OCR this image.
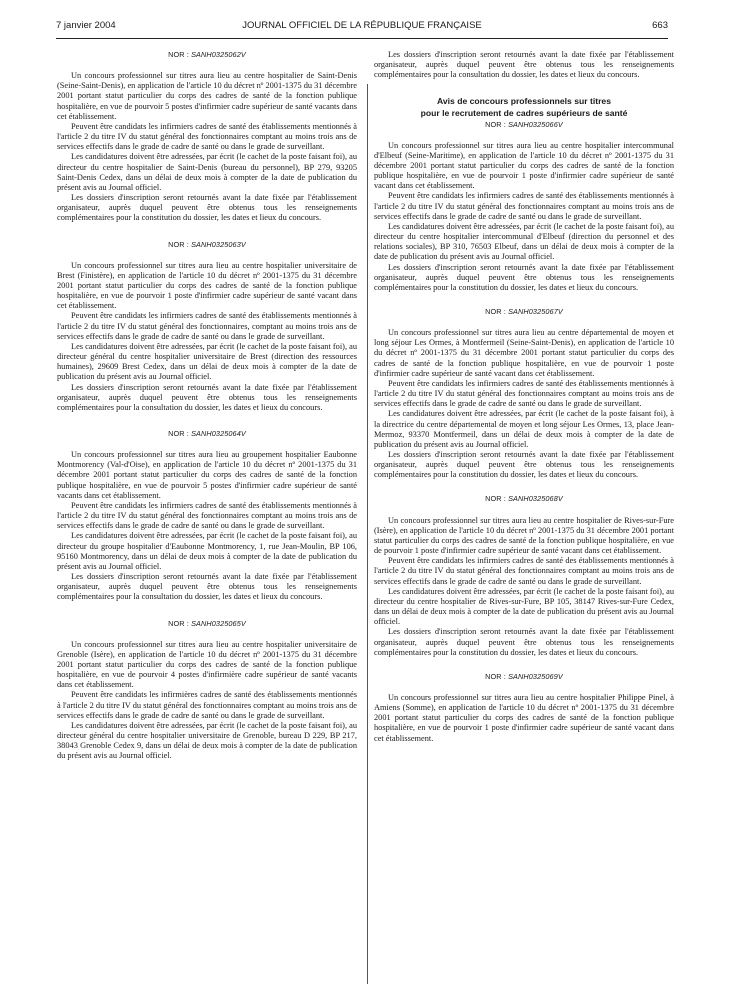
7 janvier 2004	JOURNAL OFFICIEL DE LA RÉPUBLIQUE FRANÇAISE	663
NOR : SANH0325062V

Un concours professionnel sur titres aura lieu au centre hospitalier de Saint-Denis (Seine-Saint-Denis), en application de l'article 10 du décret nº 2001-1375 du 31 décembre 2001 portant statut particulier du corps des cadres de santé de la fonction publique hospitalière, en vue de pourvoir 5 postes d'infirmier cadre supérieur de santé vacants dans cet établissement.

Peuvent être candidats les infirmiers cadres de santé des établissements mentionnés à l'article 2 du titre IV du statut général des fonctionnaires comptant au moins trois ans de services effectifs dans le grade de cadre de santé ou dans le grade de surveillant.

Les candidatures doivent être adressées, par écrit (le cachet de la poste faisant foi), au directeur du centre hospitalier de Saint-Denis (bureau du personnel), BP 279, 93205 Saint-Denis Cedex, dans un délai de deux mois à compter de la date de publication du présent avis au Journal officiel.

Les dossiers d'inscription seront retournés avant la date fixée par l'établissement organisateur, auprès duquel peuvent être obtenus tous les renseignements complémentaires pour la constitution du dossier, les dates et lieux du concours.

NOR : SANH0325063V

Un concours professionnel sur titres aura lieu au centre hospitalier universitaire de Brest (Finistère), en application de l'article 10 du décret nº 2001-1375 du 31 décembre 2001 portant statut particulier du corps des cadres de santé de la fonction publique hospitalière, en vue de pourvoir 1 poste d'infirmier cadre supérieur de santé vacant dans cet établissement.

Peuvent être candidats les infirmiers cadres de santé des établissements mentionnés à l'article 2 du titre IV du statut général des fonctionnaires, comptant au moins trois ans de services effectifs dans le grade de cadre de santé ou dans le grade de surveillant.

Les candidatures doivent être adressées, par écrit (le cachet de la poste faisant foi), au directeur général du centre hospitalier universitaire de Brest (direction des ressources humaines), 29609 Brest Cedex, dans un délai de deux mois à compter de la date de publication du présent avis au Journal officiel.

Les dossiers d'inscription seront retournés avant la date fixée par l'établissement organisateur, auprès duquel peuvent être obtenus tous les renseignements complémentaires pour la consultation du dossier, les dates et lieux du concours.

NOR : SANH0325064V

Un concours professionnel sur titres aura lieu au groupement hospitalier Eaubonne Montmorency (Val-d'Oise), en application de l'article 10 du décret nº 2001-1375 du 31 décembre 2001 portant statut particulier du corps des cadres de santé de la fonction publique hospitalière, en vue de pourvoir 5 postes d'infirmier cadre supérieur de santé vacants dans cet établissement.

Peuvent être candidats les infirmiers cadres de santé des établissements mentionnés à l'article 2 du titre IV du statut général des fonctionnaires comptant au moins trois ans de services effectifs dans le grade de cadre de santé ou dans le grade de surveillant.

Les candidatures doivent être adressées, par écrit (le cachet de la poste faisant foi), au directeur du groupe hospitalier d'Eaubonne Montmorency, 1, rue Jean-Moulin, BP 106, 95160 Montmorency, dans un délai de deux mois à compter de la date de publication du présent avis au Journal officiel.

Les dossiers d'inscription seront retournés avant la date fixée par l'établissement organisateur, auprès duquel peuvent être obtenus tous les renseignements complémentaires pour la consultation du dossier, les dates et lieux du concours.

NOR : SANH0325065V

Un concours professionnel sur titres aura lieu au centre hospitalier universitaire de Grenoble (Isère), en application de l'article 10 du décret nº 2001-1375 du 31 décembre 2001 portant statut particulier du corps des cadres de santé de la fonction publique hospitalière, en vue de pourvoir 4 postes d'infirmière cadre supérieur de santé vacants dans cet établissement.

Peuvent être candidats les infirmières cadres de santé des établissements mentionnés à l'article 2 du titre IV du statut général des fonctionnaires comptant au moins trois ans de services effectifs dans le grade de cadre de santé ou dans le grade de surveillant.

Les candidatures doivent être adressées, par écrit (le cachet de la poste faisant foi), au directeur général du centre hospitalier universitaire de Grenoble, bureau D 229, BP 217, 38043 Grenoble Cedex 9, dans un délai de deux mois à compter de la date de publication du présent avis au Journal officiel.

Les dossiers d'inscription seront retournés avant la date fixée par l'établissement organisateur, auprès duquel peuvent être obtenus tous les renseignements complémentaires pour la consultation du dossier, les dates et lieux du concours.

Avis de concours professionnels sur titres
pour le recrutement de cadres supérieurs de santé
NOR : SANH0325066V

Un concours professionnel sur titres aura lieu au centre hospitalier intercommunal d'Elbeuf (Seine-Maritime), en application de l'article 10 du décret nº 2001-1375 du 31 décembre 2001 portant statut particulier du corps des cadres de santé de la fonction publique hospitalière, en vue de pourvoir 1 poste d'infirmier cadre supérieur de santé vacant dans cet établissement.

Peuvent être candidats les infirmiers cadres de santé des établissements mentionnés à l'article 2 du titre IV du statut général des fonctionnaires comptant au moins trois ans de services effectifs dans le grade de cadre de santé ou dans le grade de surveillant.

Les candidatures doivent être adressées, par écrit (le cachet de la poste faisant foi), au directeur du centre hospitalier intercommunal d'Elbeuf (direction du personnel et des relations sociales), BP 310, 76503 Elbeuf, dans un délai de deux mois à compter de la date de publication du présent avis au Journal officiel.

Les dossiers d'inscription seront retournés avant la date fixée par l'établissement organisateur, auprès duquel peuvent être obtenus tous les renseignements complémentaires pour la constitution du dossier, les dates et lieux du concours.

NOR : SANH0325067V

Un concours professionnel sur titres aura lieu au centre départemental de moyen et long séjour Les Ormes, à Montfermeil (Seine-Saint-Denis), en application de l'article 10 du décret nº 2001-1375 du 31 décembre 2001 portant statut particulier du corps des cadres de santé de la fonction publique hospitalière, en vue de pourvoir 1 poste d'infirmier cadre supérieur de santé vacant dans cet établissement.

Peuvent être candidats les infirmiers cadres de santé des établissements mentionnés à l'article 2 du titre IV du statut général des fonctionnaires comptant au moins trois ans de services effectifs dans le grade de cadre de santé ou dans le grade de surveillant.

Les candidatures doivent être adressées, par écrit (le cachet de la poste faisant foi), à la directrice du centre départemental de moyen et long séjour Les Ormes, 13, place Jean-Mermoz, 93370 Montfermeil, dans un délai de deux mois à compter de la date de publication du présent avis au Journal officiel.

Les dossiers d'inscription seront retournés avant la date fixée par l'établissement organisateur, auprès duquel peuvent être obtenus tous les renseignements complémentaires pour la constitution du dossier, les dates et lieux du concours.

NOR : SANH0325068V

Un concours professionnel sur titres aura lieu au centre hospitalier de Rives-sur-Fure (Isère), en application de l'article 10 du décret nº 2001-1375 du 31 décembre 2001 portant statut particulier du corps des cadres de santé de la fonction publique hospitalière, en vue de pourvoir 1 poste d'infirmier cadre supérieur de santé vacant dans cet établissement.

Peuvent être candidats les infirmiers cadres de santé des établissements mentionnés à l'article 2 du titre IV du statut général des fonctionnaires comptant au moins trois ans de services effectifs dans le grade de cadre de santé ou dans le grade de surveillant.

Les candidatures doivent être adressées, par écrit (le cachet de la poste faisant foi), au directeur du centre hospitalier de Rives-sur-Fure, BP 105, 38147 Rives-sur-Fure Cedex, dans un délai de deux mois à compter de la date de publication du présent avis au Journal officiel.

Les dossiers d'inscription seront retournés avant la date fixée par l'établissement organisateur, auprès duquel peuvent être obtenus tous les renseignements complémentaires pour la constitution du dossier, les dates et lieux du concours.

NOR : SANH0325069V

Un concours professionnel sur titres aura lieu au centre hospitalier Philippe Pinel, à Amiens (Somme), en application de l'article 10 du décret nº 2001-1375 du 31 décembre 2001 portant statut particulier du corps des cadres de santé de la fonction publique hospitalière, en vue de pourvoir 1 poste d'infirmier cadre supérieur de santé vacant dans cet établissement.
